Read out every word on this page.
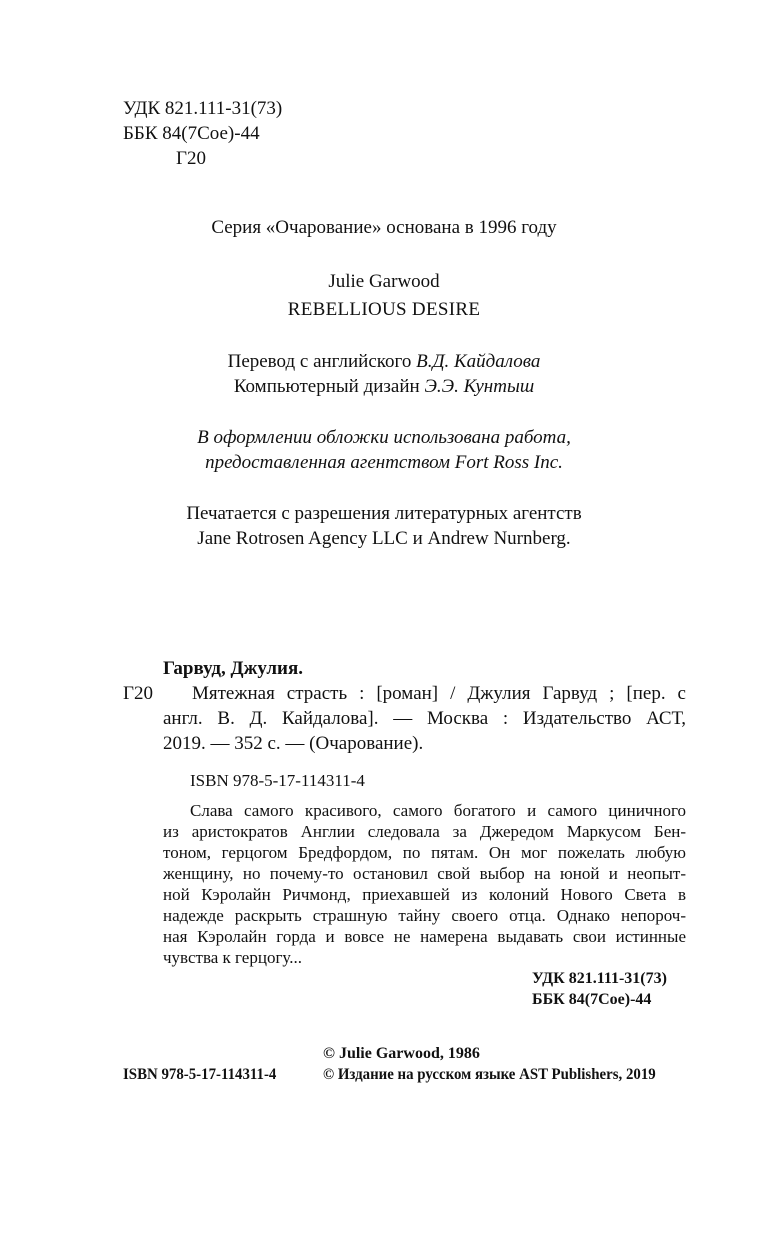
УДК 821.111-31(73)
ББК 84(7Сое)-44
Г20
Серия «Очарование» основана в 1996 году
Julie Garwood
REBELLIOUS DESIRE
Перевод с английского В.Д. Кайдалова
Компьютерный дизайн Э.Э. Кунтыш
В оформлении обложки использована работа,
предоставленная агентством Fort Ross Inc.
Печатается с разрешения литературных агентств
Jane Rotrosen Agency LLC и Andrew Nurnberg.
Гарвуд, Джулия.
Г20 Мятежная страсть : [роман] / Джулия Гарвуд ; [пер. с
англ. В. Д. Кайдалова]. — Москва : Издательство АСТ,
2019. — 352 с. — (Очарование).
ISBN 978-5-17-114311-4
Слава самого красивого, самого богатого и самого циничного
из аристократов Англии следовала за Джередом Маркусом Бен-
тоном, герцогом Бредфордом, по пятам. Он мог пожелать любую
женщину, но почему-то остановил свой выбор на юной и неопыт-
ной Кэролайн Ричмонд, приехавшей из колоний Нового Света в
надежде раскрыть страшную тайну своего отца. Однако непороч-
ная Кэролайн горда и вовсе не намерена выдавать свои истинные
чувства к герцогу...
УДК 821.111-31(73)
ББК 84(7Сое)-44
© Julie Garwood, 1986
ISBN 978-5-17-114311-4	© Издание на русском языке AST Publishers, 2019
